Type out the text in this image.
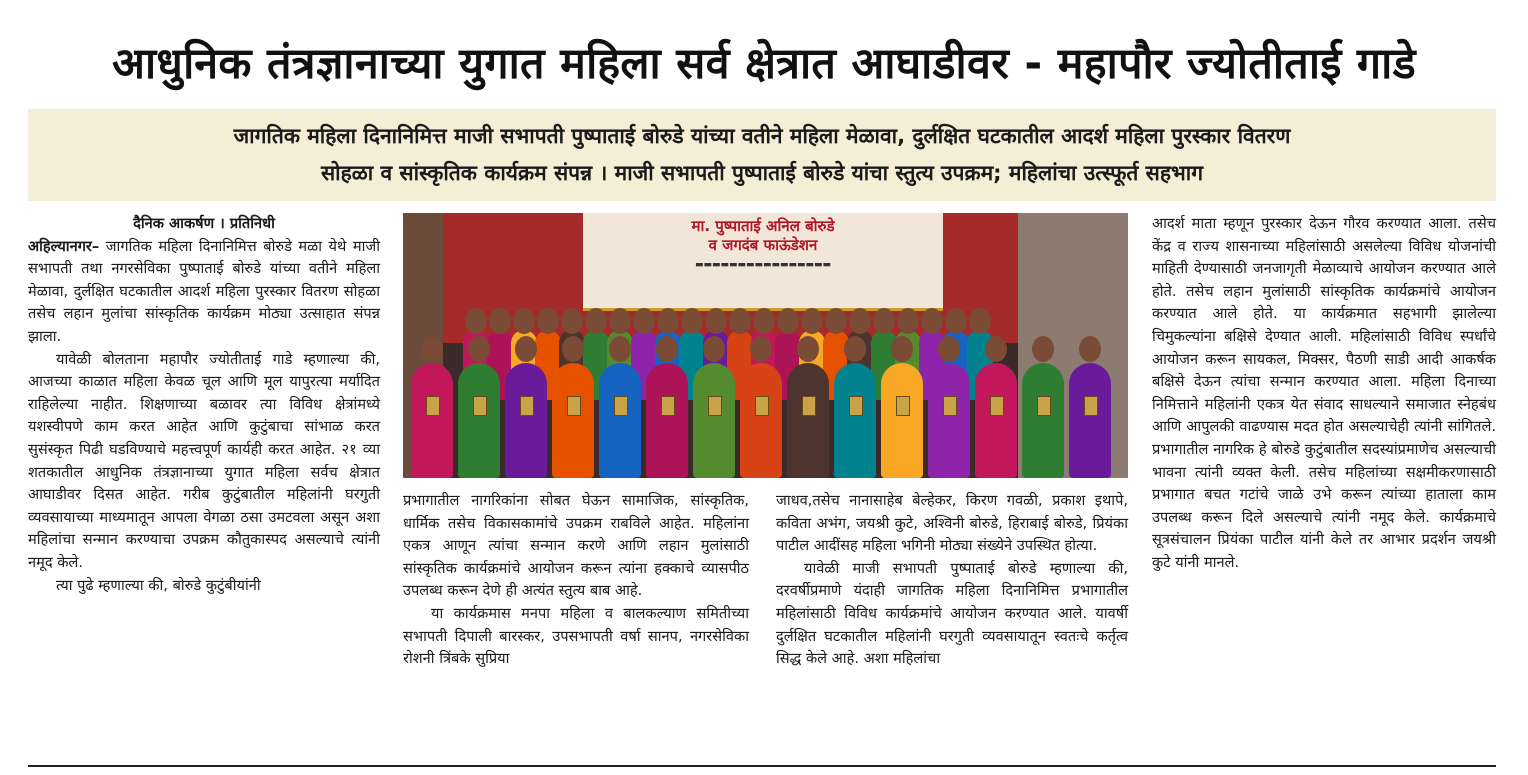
आधुनिक तंत्रज्ञानाच्या युगात महिला सर्व क्षेत्रात आघाडीवर - महापौर ज्योतीताई गाडे
जागतिक महिला दिनानिमित्त माजी सभापती पुष्पाताई बोरुडे यांच्या वतीने महिला मेळावा, दुर्लक्षित घटकातील आदर्श महिला पुरस्कार वितरण
सोहळा व सांस्कृतिक कार्यक्रम संपन्न । माजी सभापती पुष्पाताई बोरुडे यांचा स्तुत्य उपक्रम; महिलांचा उत्स्फूर्त सहभाग

दैनिक आकर्षण । प्रतिनिधी

अहिल्यानगर– जागतिक महिला दिनानिमित्त बोरुडे मळा येथे माजी सभापती तथा नगरसेविका पुष्पाताई बोरुडे यांच्या वतीने महिला मेळावा, दुर्लक्षित घटकातील आदर्श महिला पुरस्कार वितरण सोहळा तसेच लहान मुलांचा सांस्कृतिक कार्यक्रम मोठ्या उत्साहात संपन्न झाला.

यावेळी बोलताना महापौर ज्योतीताई गाडे म्हणाल्या की, आजच्या काळात महिला केवळ चूल आणि मूल यापुरत्या मर्यादित राहिलेल्या नाहीत. शिक्षणाच्या बळावर त्या विविध क्षेत्रांमध्ये यशस्वीपणे काम करत आहेत आणि कुटुंबाचा सांभाळ करत सुसंस्कृत पिढी घडविण्याचे महत्त्वपूर्ण कार्यही करत आहेत. २१ व्या शतकातील आधुनिक तंत्रज्ञानाच्या युगात महिला सर्वच क्षेत्रात आघाडीवर दिसत आहेत. गरीब कुटुंबातील महिलांनी घरगुती व्यवसायाच्या माध्यमातून आपला वेगळा ठसा उमटवला असून अशा महिलांचा सन्मान करण्याचा उपक्रम कौतुकास्पद असल्याचे त्यांनी नमूद केले.

त्या पुढे म्हणाल्या की, बोरुडे कुटुंबीयांनी

मा. पुष्पाताई अनिल बोरुडे
व जगदंब फाऊंडेशन
▬▬▬▬▬▬▬▬▬▬▬▬▬▬▬▬

प्रभागातील नागरिकांना सोबत घेऊन सामाजिक, सांस्कृतिक, धार्मिक तसेच विकासकामांचे उपक्रम राबविले आहेत. महिलांना एकत्र आणून त्यांचा सन्मान करणे आणि लहान मुलांसाठी सांस्कृतिक कार्यक्रमांचे आयोजन करून त्यांना हक्काचे व्यासपीठ उपलब्ध करून देणे ही अत्यंत स्तुत्य बाब आहे.

या कार्यक्रमास मनपा महिला व बालकल्याण समितीच्या सभापती दिपाली बारस्कर, उपसभापती वर्षा सानप, नगरसेविका रोशनी त्रिंबके सुप्रिया

जाधव,तसेच नानासाहेब बेल्हेकर, किरण गवळी, प्रकाश इथापे, कविता अभंग, जयश्री कुटे, अश्विनी बोरुडे, हिराबाई बोरुडे, प्रियंका पाटील आदींसह महिला भगिनी मोठ्या संख्येने उपस्थित होत्या.

यावेळी माजी सभापती पुष्पाताई बोरुडे म्हणाल्या की, दरवर्षीप्रमाणे यंदाही जागतिक महिला दिनानिमित्त प्रभागातील महिलांसाठी विविध कार्यक्रमांचे आयोजन करण्यात आले. यावर्षी दुर्लक्षित घटकातील महिलांनी घरगुती व्यवसायातून स्वतःचे कर्तृत्व सिद्ध केले आहे. अशा महिलांचा

आदर्श माता म्हणून पुरस्कार देऊन गौरव करण्यात आला. तसेच केंद्र व राज्य शासनाच्या महिलांसाठी असलेल्या विविध योजनांची माहिती देण्यासाठी जनजागृती मेळाव्याचे आयोजन करण्यात आले होते. तसेच लहान मुलांसाठी सांस्कृतिक कार्यक्रमांचे आयोजन करण्यात आले होते. या कार्यक्रमात सहभागी झालेल्या चिमुकल्यांना बक्षिसे देण्यात आली. महिलांसाठी विविध स्पर्धांचे आयोजन करून सायकल, मिक्सर, पैठणी साडी आदी आकर्षक बक्षिसे देऊन त्यांचा सन्मान करण्यात आला. महिला दिनाच्या निमित्ताने महिलांनी एकत्र येत संवाद साधल्याने समाजात स्नेहबंध आणि आपुलकी वाढण्यास मदत होत असल्याचेही त्यांनी सांगितले. प्रभागातील नागरिक हे बोरुडे कुटुंबातील सदस्यांप्रमाणेच असल्याची भावना त्यांनी व्यक्त केली. तसेच महिलांच्या सक्षमीकरणासाठी प्रभागात बचत गटांचे जाळे उभे करून त्यांच्या हाताला काम उपलब्ध करून दिले असल्याचे त्यांनी नमूद केले. कार्यक्रमाचे सूत्रसंचालन प्रियंका पाटील यांनी केले तर आभार प्रदर्शन जयश्री कुटे यांनी मानले.
